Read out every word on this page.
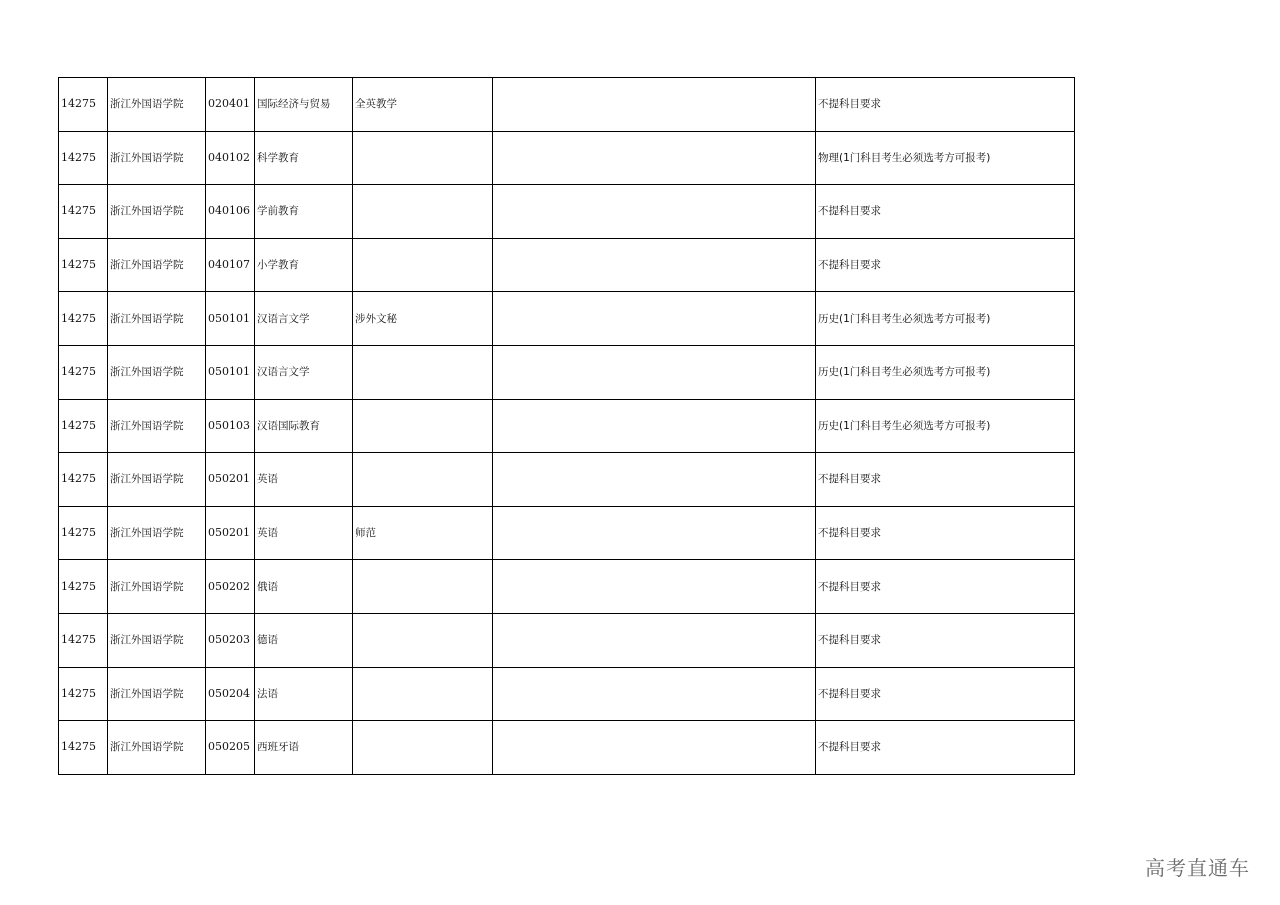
14275	浙江外国语学院	020401	国际经济与贸易	全英教学		不提科目要求
14275	浙江外国语学院	040102	科学教育			物理(1门科目考生必须选考方可报考)
14275	浙江外国语学院	040106	学前教育			不提科目要求
14275	浙江外国语学院	040107	小学教育			不提科目要求
14275	浙江外国语学院	050101	汉语言文学	涉外文秘		历史(1门科目考生必须选考方可报考)
14275	浙江外国语学院	050101	汉语言文学			历史(1门科目考生必须选考方可报考)
14275	浙江外国语学院	050103	汉语国际教育			历史(1门科目考生必须选考方可报考)
14275	浙江外国语学院	050201	英语			不提科目要求
14275	浙江外国语学院	050201	英语	师范		不提科目要求
14275	浙江外国语学院	050202	俄语			不提科目要求
14275	浙江外国语学院	050203	德语			不提科目要求
14275	浙江外国语学院	050204	法语			不提科目要求
14275	浙江外国语学院	050205	西班牙语			不提科目要求
高考直通车
